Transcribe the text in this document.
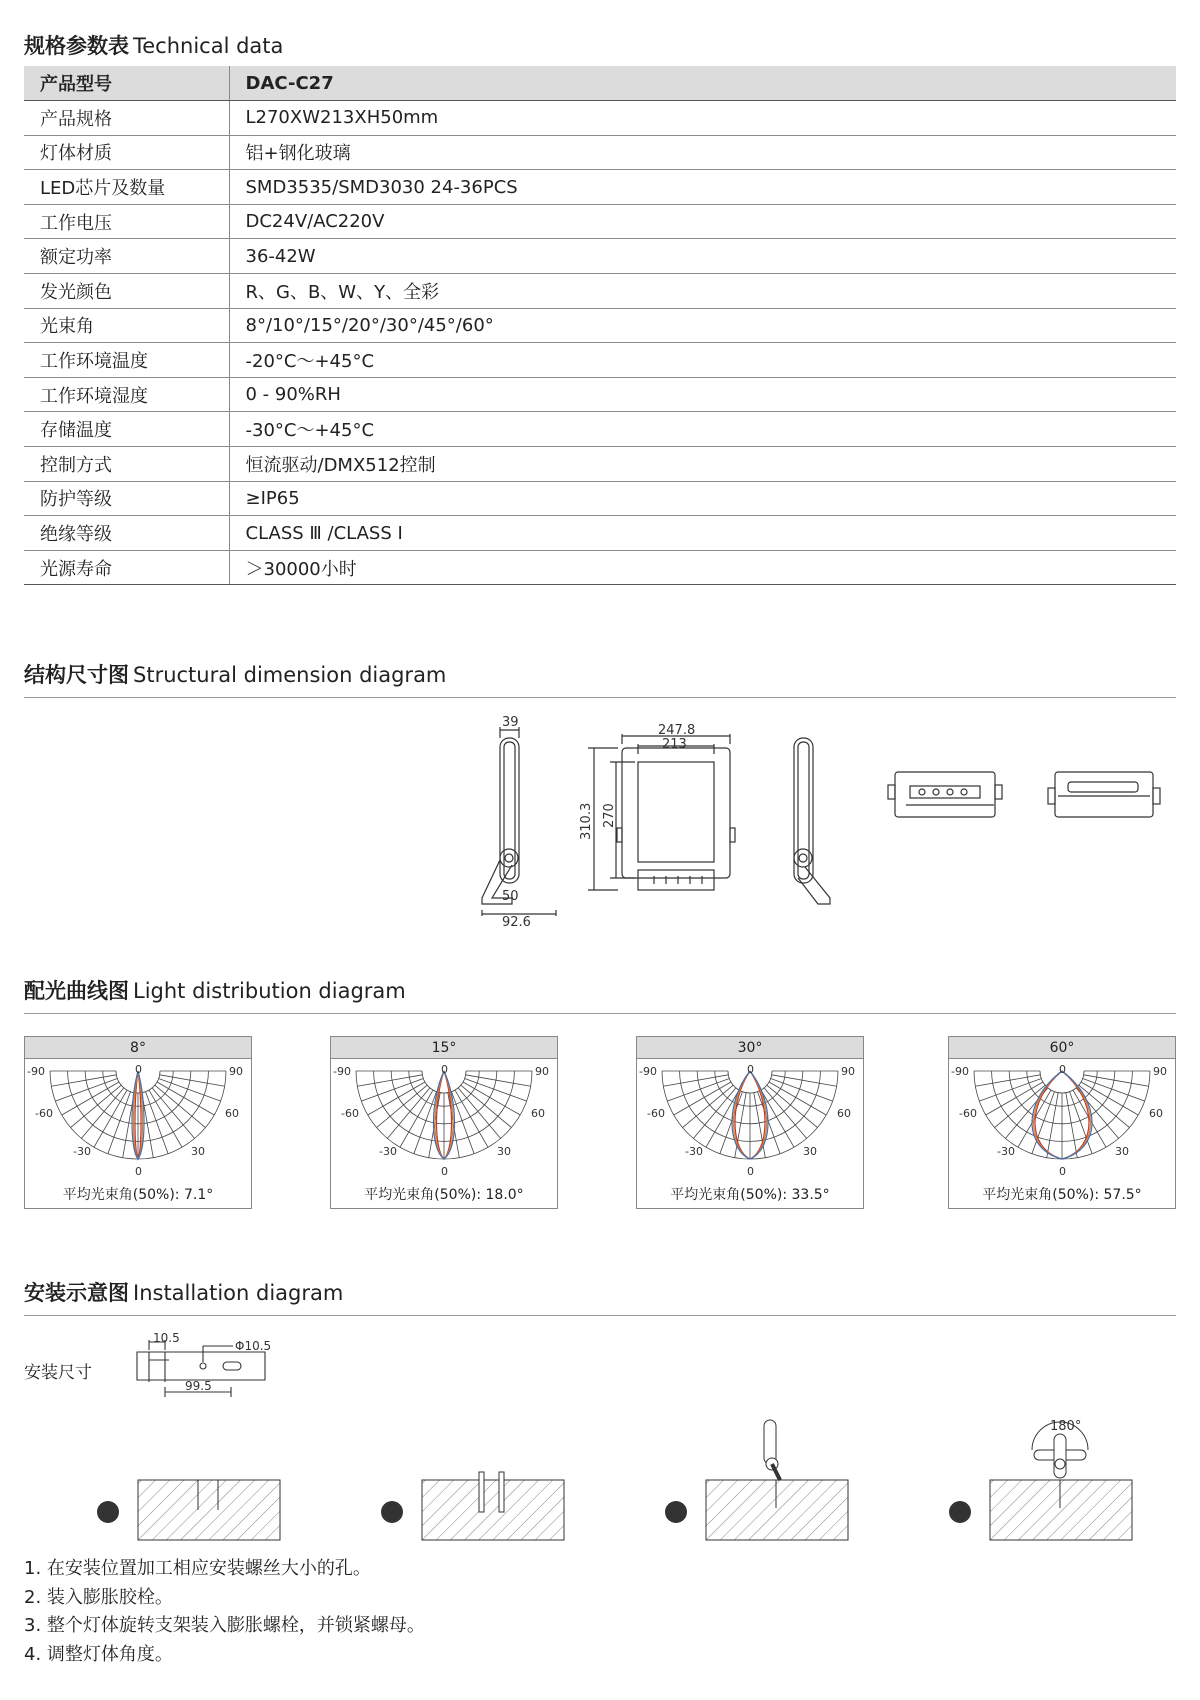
规格参数表 Technical data
产品型号	DAC-C27
产品规格	L270XW213XH50mm
灯体材质	铝+钢化玻璃
LED芯片及数量	SMD3535/SMD3030 24-36PCS
工作电压	DC24V/AC220V
额定功率	36-42W
发光颜色	R、G、B、W、Y、全彩
光束角	8°/10°/15°/20°/30°/45°/60°
工作环境温度	-20°C～+45°C
工作环境湿度	0 - 90%RH
存储温度	-30°C～+45°C
控制方式	恒流驱动/DMX512控制
防护等级	≥IP65
绝缘等级	CLASS Ⅲ /CLASS Ⅰ
光源寿命	＞30000小时
结构尺寸图 Structural dimension diagram
39
50
92.6
247.8
213
310.3 270
配光曲线图 Light distribution diagram
8°
-90	90
-60	60
-30	30
0
0
平均光束角(50%): 7.1°
15°
-90	90
-60	60
-30	30
0
0
平均光束角(50%): 18.0°
30°
-90	90
-60	60
-30	30
0
0
平均光束角(50%): 33.5°
60°
-90	90
-60	60
-30	30
0
0
平均光束角(50%): 57.5°
安装示意图 Installation diagram
安装尺寸
10.5
Φ10.5
99.5
1	2	3	4
180°
1. 在安装位置加工相应安装螺丝大小的孔。
2. 装入膨胀胶栓。
3. 整个灯体旋转支架装入膨胀螺栓，并锁紧螺母。
4. 调整灯体角度。
